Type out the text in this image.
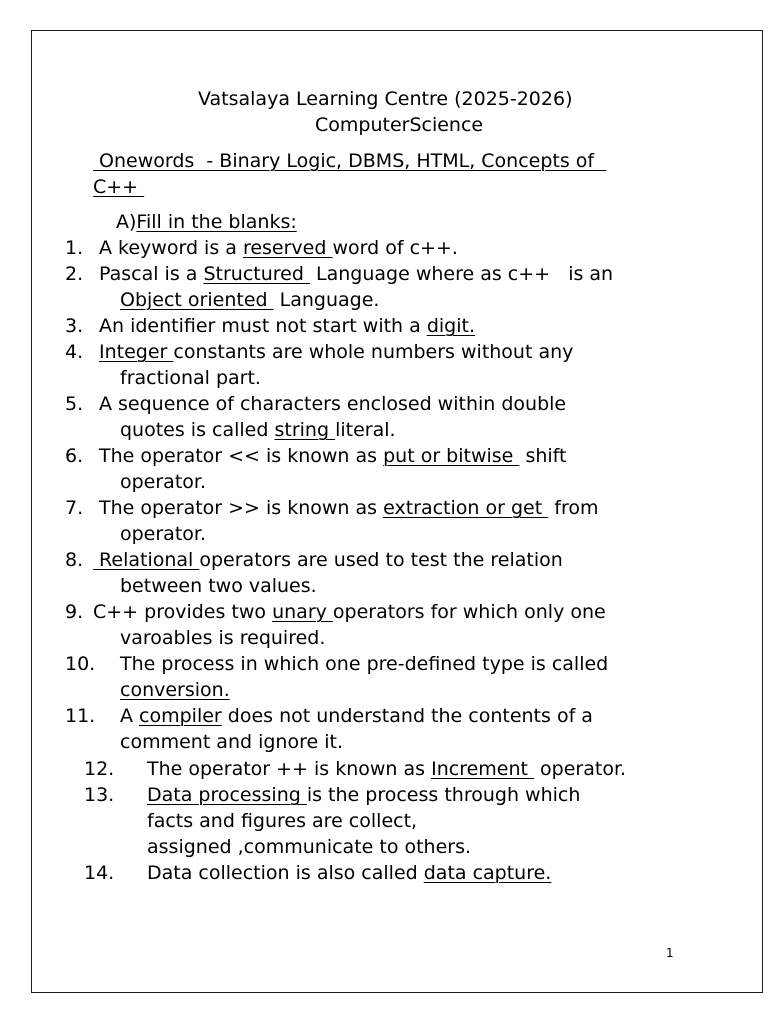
Vatsalaya Learning Centre (2025-2026)
ComputerScience
Onewords  - Binary Logic, DBMS, HTML, Concepts of
C++
A)Fill in the blanks:
1. A keyword is a reserved word of c++.
2. Pascal is a Structured  Language where as c++   is an
Object oriented  Language.
3. An identifier must not start with a digit.
4. Integer constants are whole numbers without any
fractional part.
5. A sequence of characters enclosed within double
quotes is called string literal.
6. The operator << is known as put or bitwise  shift
operator.
7. The operator >> is known as extraction or get  from
operator.
8. Relational operators are used to test the relation
between two values.
9. C++ provides two unary operators for which only one
varoables is required.
10. The process in which one pre-defined type is called
conversion.
11. A compiler does not understand the contents of a
comment and ignore it.
12. The operator ++ is known as Increment  operator.
13. Data processing is the process through which
facts and figures are collect,
assigned ,communicate to others.
14. Data collection is also called data capture.
1
